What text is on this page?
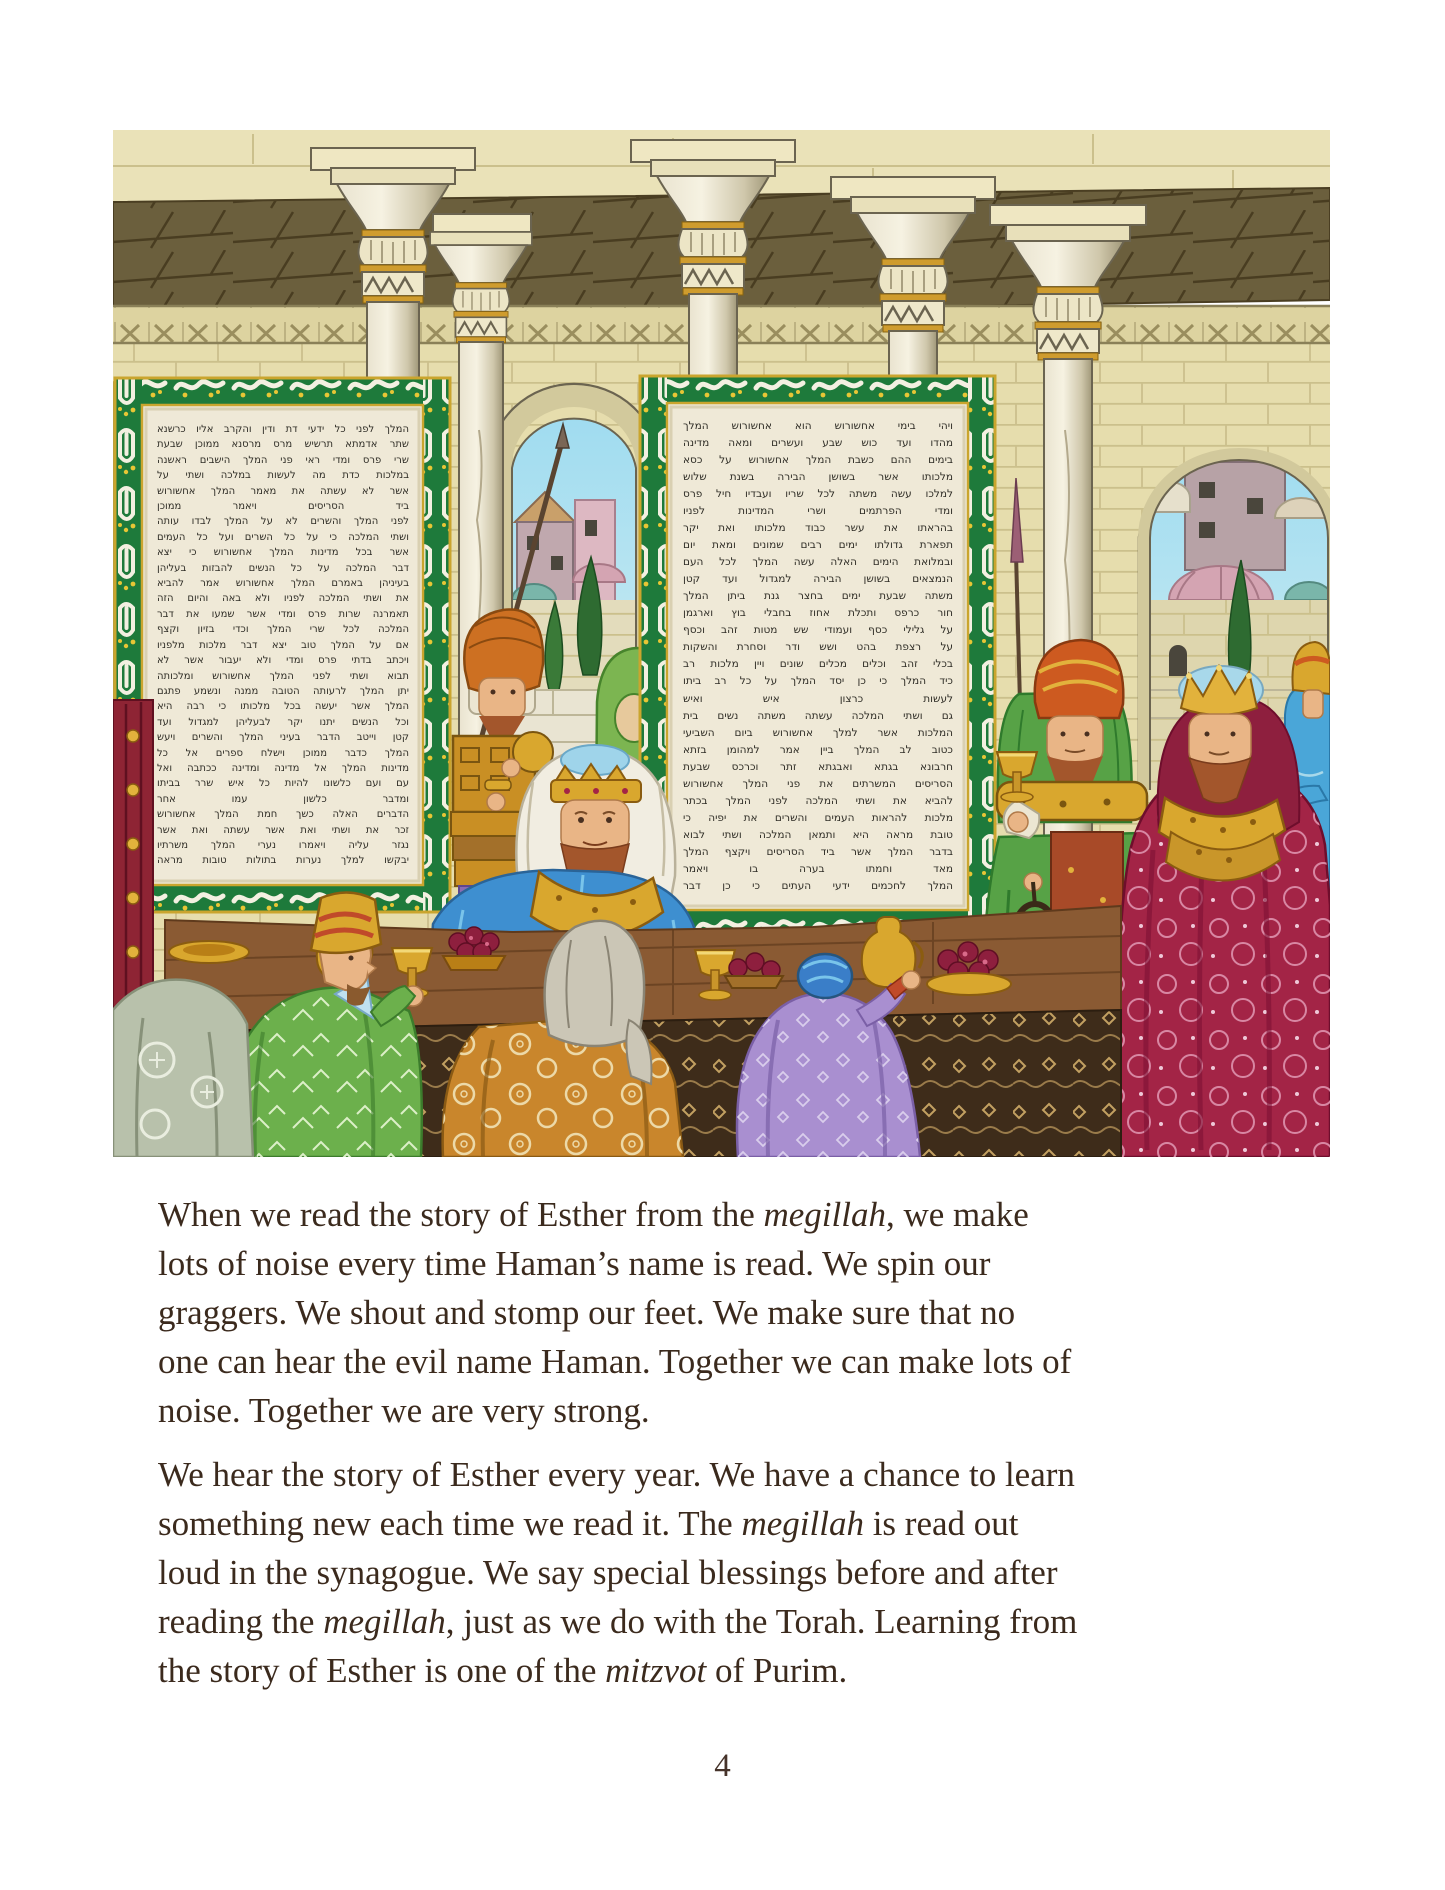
המלך לפני כל ידעי דת ודין והקרב אליו כרשנא
שתר אדמתא תרשיש מרס מרסנא ממוכן שבעת
שרי פרס ומדי ראי פני המלך הישבים ראשנה
במלכות כדת מה לעשות במלכה ושתי על
אשר לא עשתה את מאמר המלך אחשורוש
ביד הסריסים ויאמר ממוכן
לפני המלך והשרים לא על המלך לבדו עותה
ושתי המלכה כי על כל השרים ועל כל העמים
אשר בכל מדינות המלך אחשורוש כי יצא
דבר המלכה על כל הנשים להבזות בעליהן
בעיניהן באמרם המלך אחשורוש אמר להביא
את ושתי המלכה לפניו ולא באה והיום הזה
תאמרנה שרות פרס ומדי אשר שמעו את דבר
המלכה לכל שרי המלך וכדי בזיון וקצף
אם על המלך טוב יצא דבר מלכות מלפניו
ויכתב בדתי פרס ומדי ולא יעבור אשר לא
תבוא ושתי לפני המלך אחשורוש ומלכותה
יתן המלך לרעותה הטובה ממנה ונשמע פתגם
המלך אשר יעשה בכל מלכותו כי רבה היא
וכל הנשים יתנו יקר לבעליהן למגדול ועד
קטן וייטב הדבר בעיני המלך והשרים ויעש
המלך כדבר ממוכן וישלח ספרים אל כל
מדינות המלך אל מדינה ומדינה ככתבה ואל
עם ועם כלשונו להיות כל איש שרר בביתו
ומדבר כלשון עמו אחר
הדברים האלה כשך חמת המלך אחשורוש
זכר את ושתי ואת אשר עשתה ואת אשר
נגזר עליה ויאמרו נערי המלך משרתיו
יבקשו למלך נערות בתולות טובות מראה
ויהי בימי אחשורוש הוא אחשורוש המלך
מהדו ועד כוש שבע ועשרים ומאה מדינה
בימים ההם כשבת המלך אחשורוש על כסא
מלכותו אשר בשושן הבירה בשנת שלוש
למלכו עשה משתה לכל שריו ועבדיו חיל פרס
ומדי הפרתמים ושרי המדינות לפניו
בהראתו את עשר כבוד מלכותו ואת יקר
תפארת גדולתו ימים רבים שמונים ומאת יום
ובמלואת הימים האלה עשה המלך לכל העם
הנמצאים בשושן הבירה למגדול ועד קטן
משתה שבעת ימים בחצר גנת ביתן המלך
חור כרפס ותכלת אחוז בחבלי בוץ וארגמן
על גלילי כסף ועמודי שש מטות זהב וכסף
על רצפת בהט ושש ודר וסחרת והשקות
בכלי זהב וכלים מכלים שונים ויין מלכות רב
כיד המלך כי כן יסד המלך על כל רב ביתו
לעשות כרצון איש ואיש
גם ושתי המלכה עשתה משתה נשים בית
המלכות אשר למלך אחשורוש ביום השביעי
כטוב לב המלך ביין אמר למהומן בזתא
חרבונא בגתא ואבגתא זתר וכרכס שבעת
הסריסים המשרתים את פני המלך אחשורוש
להביא את ושתי המלכה לפני המלך בכתר
מלכות להראות העמים והשרים את יפיה כי
טובת מראה היא ותמאן המלכה ושתי לבוא
בדבר המלך אשר ביד הסריסים ויקצף המלך
מאד וחמתו בערה בו ויאמר
המלך לחכמים ידעי העתים כי כן דבר

When we read the story of Esther from the megillah, we make
lots of noise every time Haman’s name is read. We spin our
graggers. We shout and stomp our feet. We make sure that no
one can hear the evil name Haman. Together we can make lots of
noise. Together we are very strong.

We hear the story of Esther every year. We have a chance to learn
something new each time we read it. The megillah is read out
loud in the synagogue. We say special blessings before and after
reading the megillah, just as we do with the Torah. Learning from
the story of Esther is one of the mitzvot of Purim.

4
